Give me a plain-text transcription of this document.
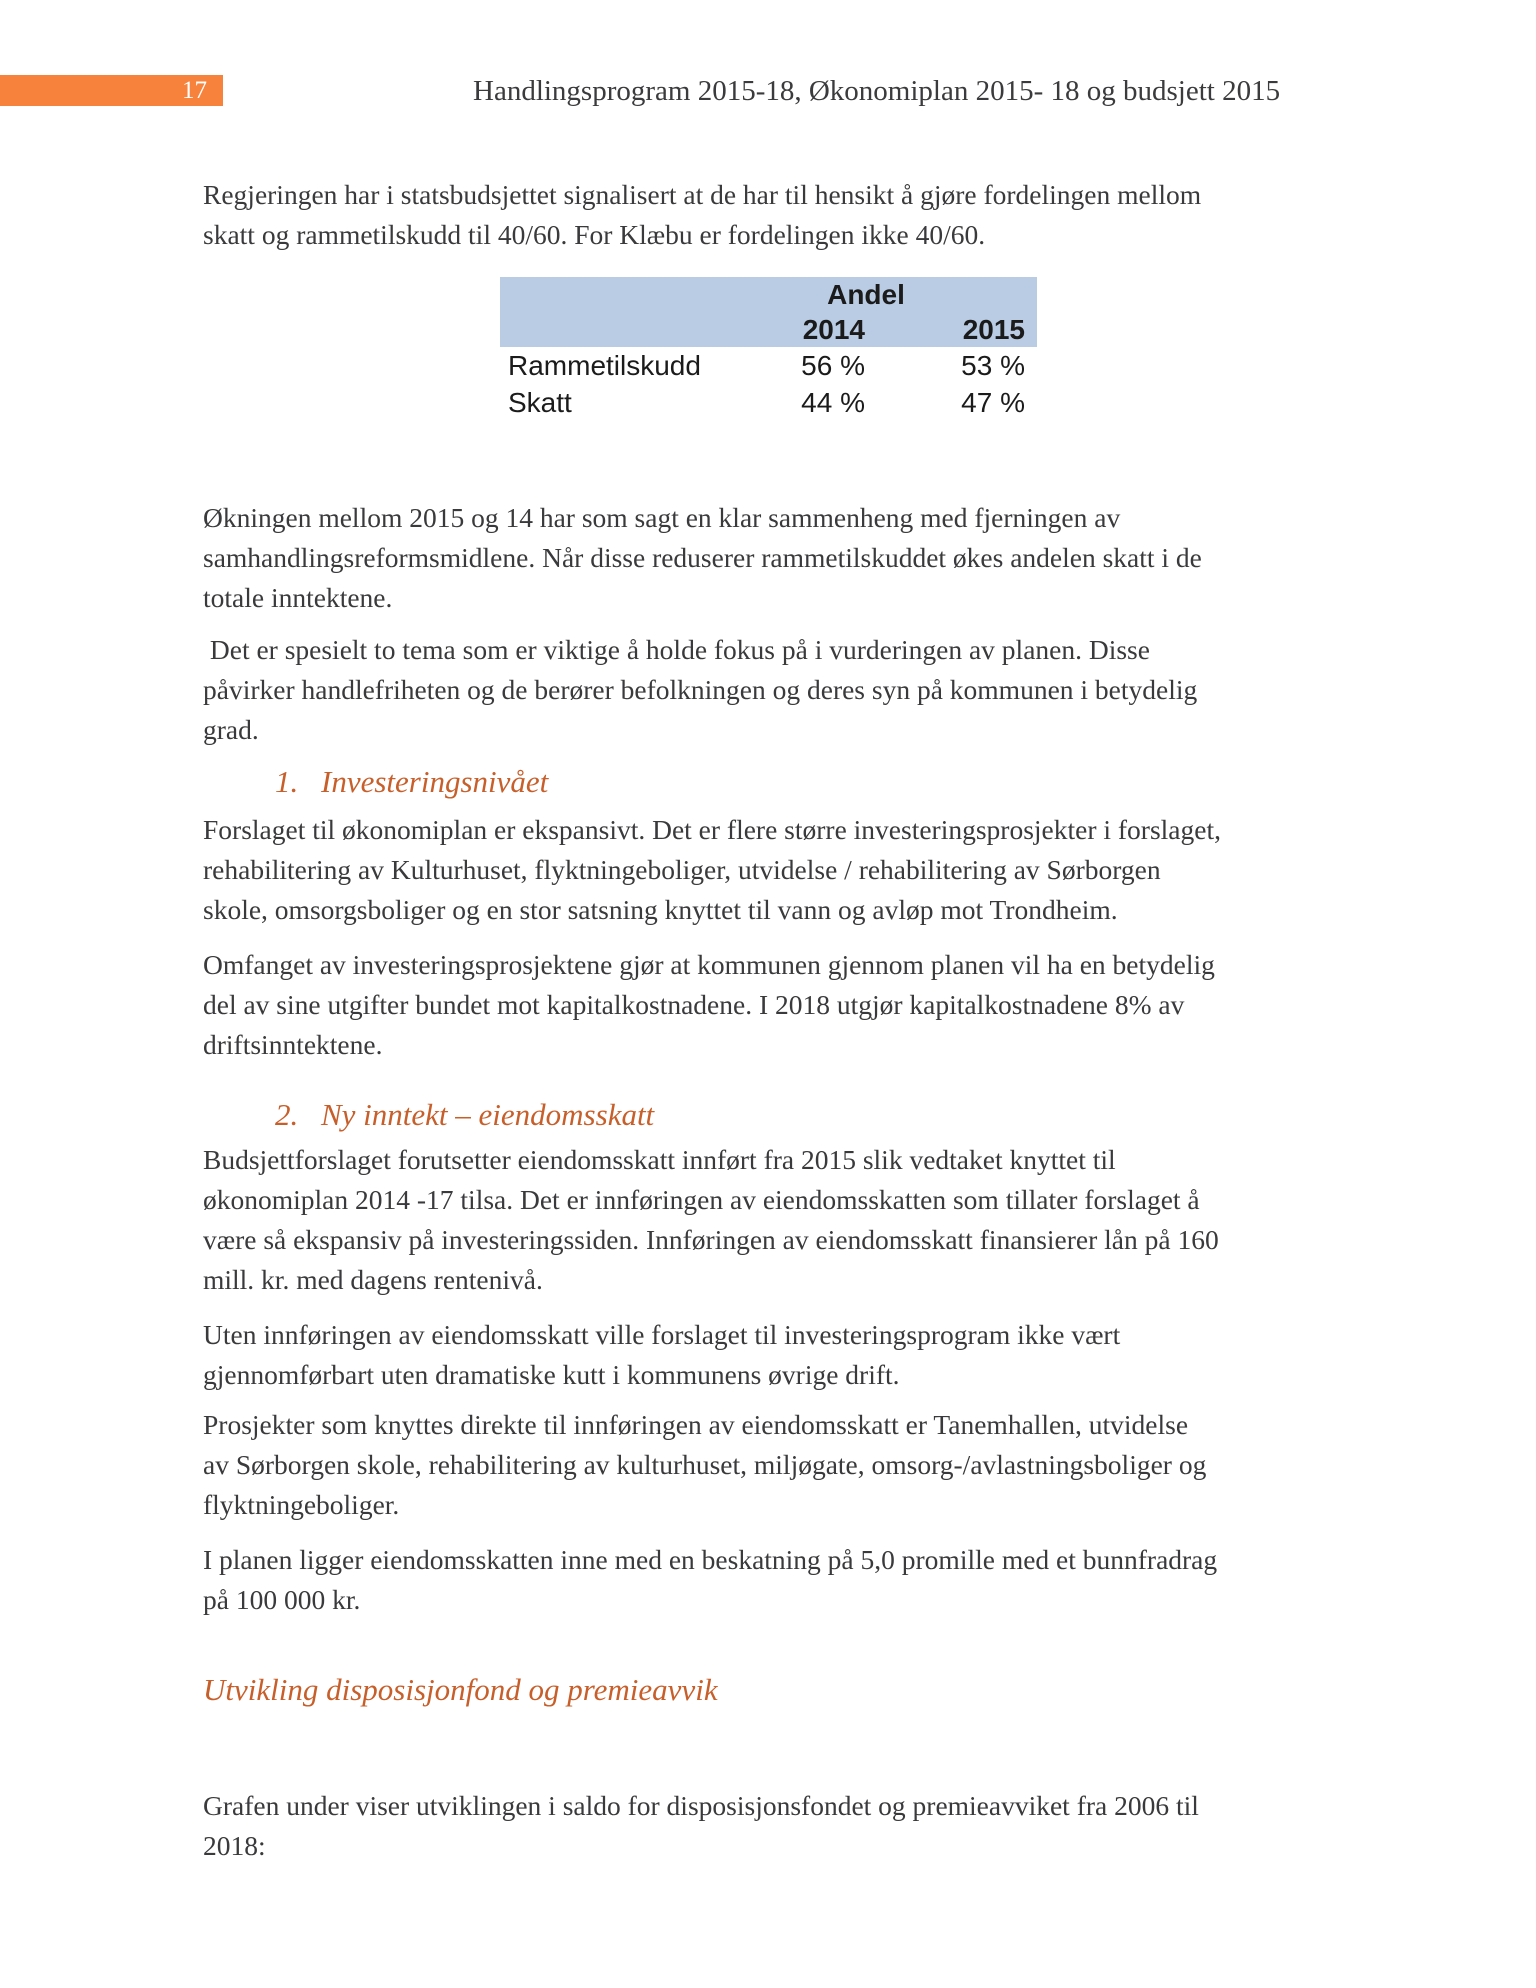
17	Handlingsprogram 2015-18, Økonomiplan 2015- 18 og budsjett 2015
Regjeringen har i statsbudsjettet signalisert at de har til hensikt å gjøre fordelingen mellom
skatt og rammetilskudd til 40/60. For Klæbu er fordelingen ikke 40/60.
Andel
2014	2015
Rammetilskudd	56 %	53 %
Skatt	44 %	47 %
Økningen mellom 2015 og 14 har som sagt en klar sammenheng med fjerningen av
samhandlingsreformsmidlene. Når disse reduserer rammetilskuddet økes andelen skatt i de
totale inntektene.
Det er spesielt to tema som er viktige å holde fokus på i vurderingen av planen. Disse
påvirker handlefriheten og de berører befolkningen og deres syn på kommunen i betydelig
grad.
1. Investeringsnivået
Forslaget til økonomiplan er ekspansivt. Det er flere større investeringsprosjekter i forslaget,
rehabilitering av Kulturhuset, flyktningeboliger, utvidelse / rehabilitering av Sørborgen
skole, omsorgsboliger og en stor satsning knyttet til vann og avløp mot Trondheim.
Omfanget av investeringsprosjektene gjør at kommunen gjennom planen vil ha en betydelig
del av sine utgifter bundet mot kapitalkostnadene. I 2018 utgjør kapitalkostnadene 8% av
driftsinntektene.
2. Ny inntekt – eiendomsskatt
Budsjettforslaget forutsetter eiendomsskatt innført fra 2015 slik vedtaket knyttet til
økonomiplan 2014 -17 tilsa. Det er innføringen av eiendomsskatten som tillater forslaget å
være så ekspansiv på investeringssiden. Innføringen av eiendomsskatt finansierer lån på 160
mill. kr. med dagens rentenivå.
Uten innføringen av eiendomsskatt ville forslaget til investeringsprogram ikke vært
gjennomførbart uten dramatiske kutt i kommunens øvrige drift.
Prosjekter som knyttes direkte til innføringen av eiendomsskatt er Tanemhallen, utvidelse
av Sørborgen skole, rehabilitering av kulturhuset, miljøgate, omsorg-/avlastningsboliger og
flyktningeboliger.
I planen ligger eiendomsskatten inne med en beskatning på 5,0 promille med et bunnfradrag
på 100 000 kr.
Utvikling disposisjonfond og premieavvik
Grafen under viser utviklingen i saldo for disposisjonsfondet og premieavviket fra 2006 til
2018:
